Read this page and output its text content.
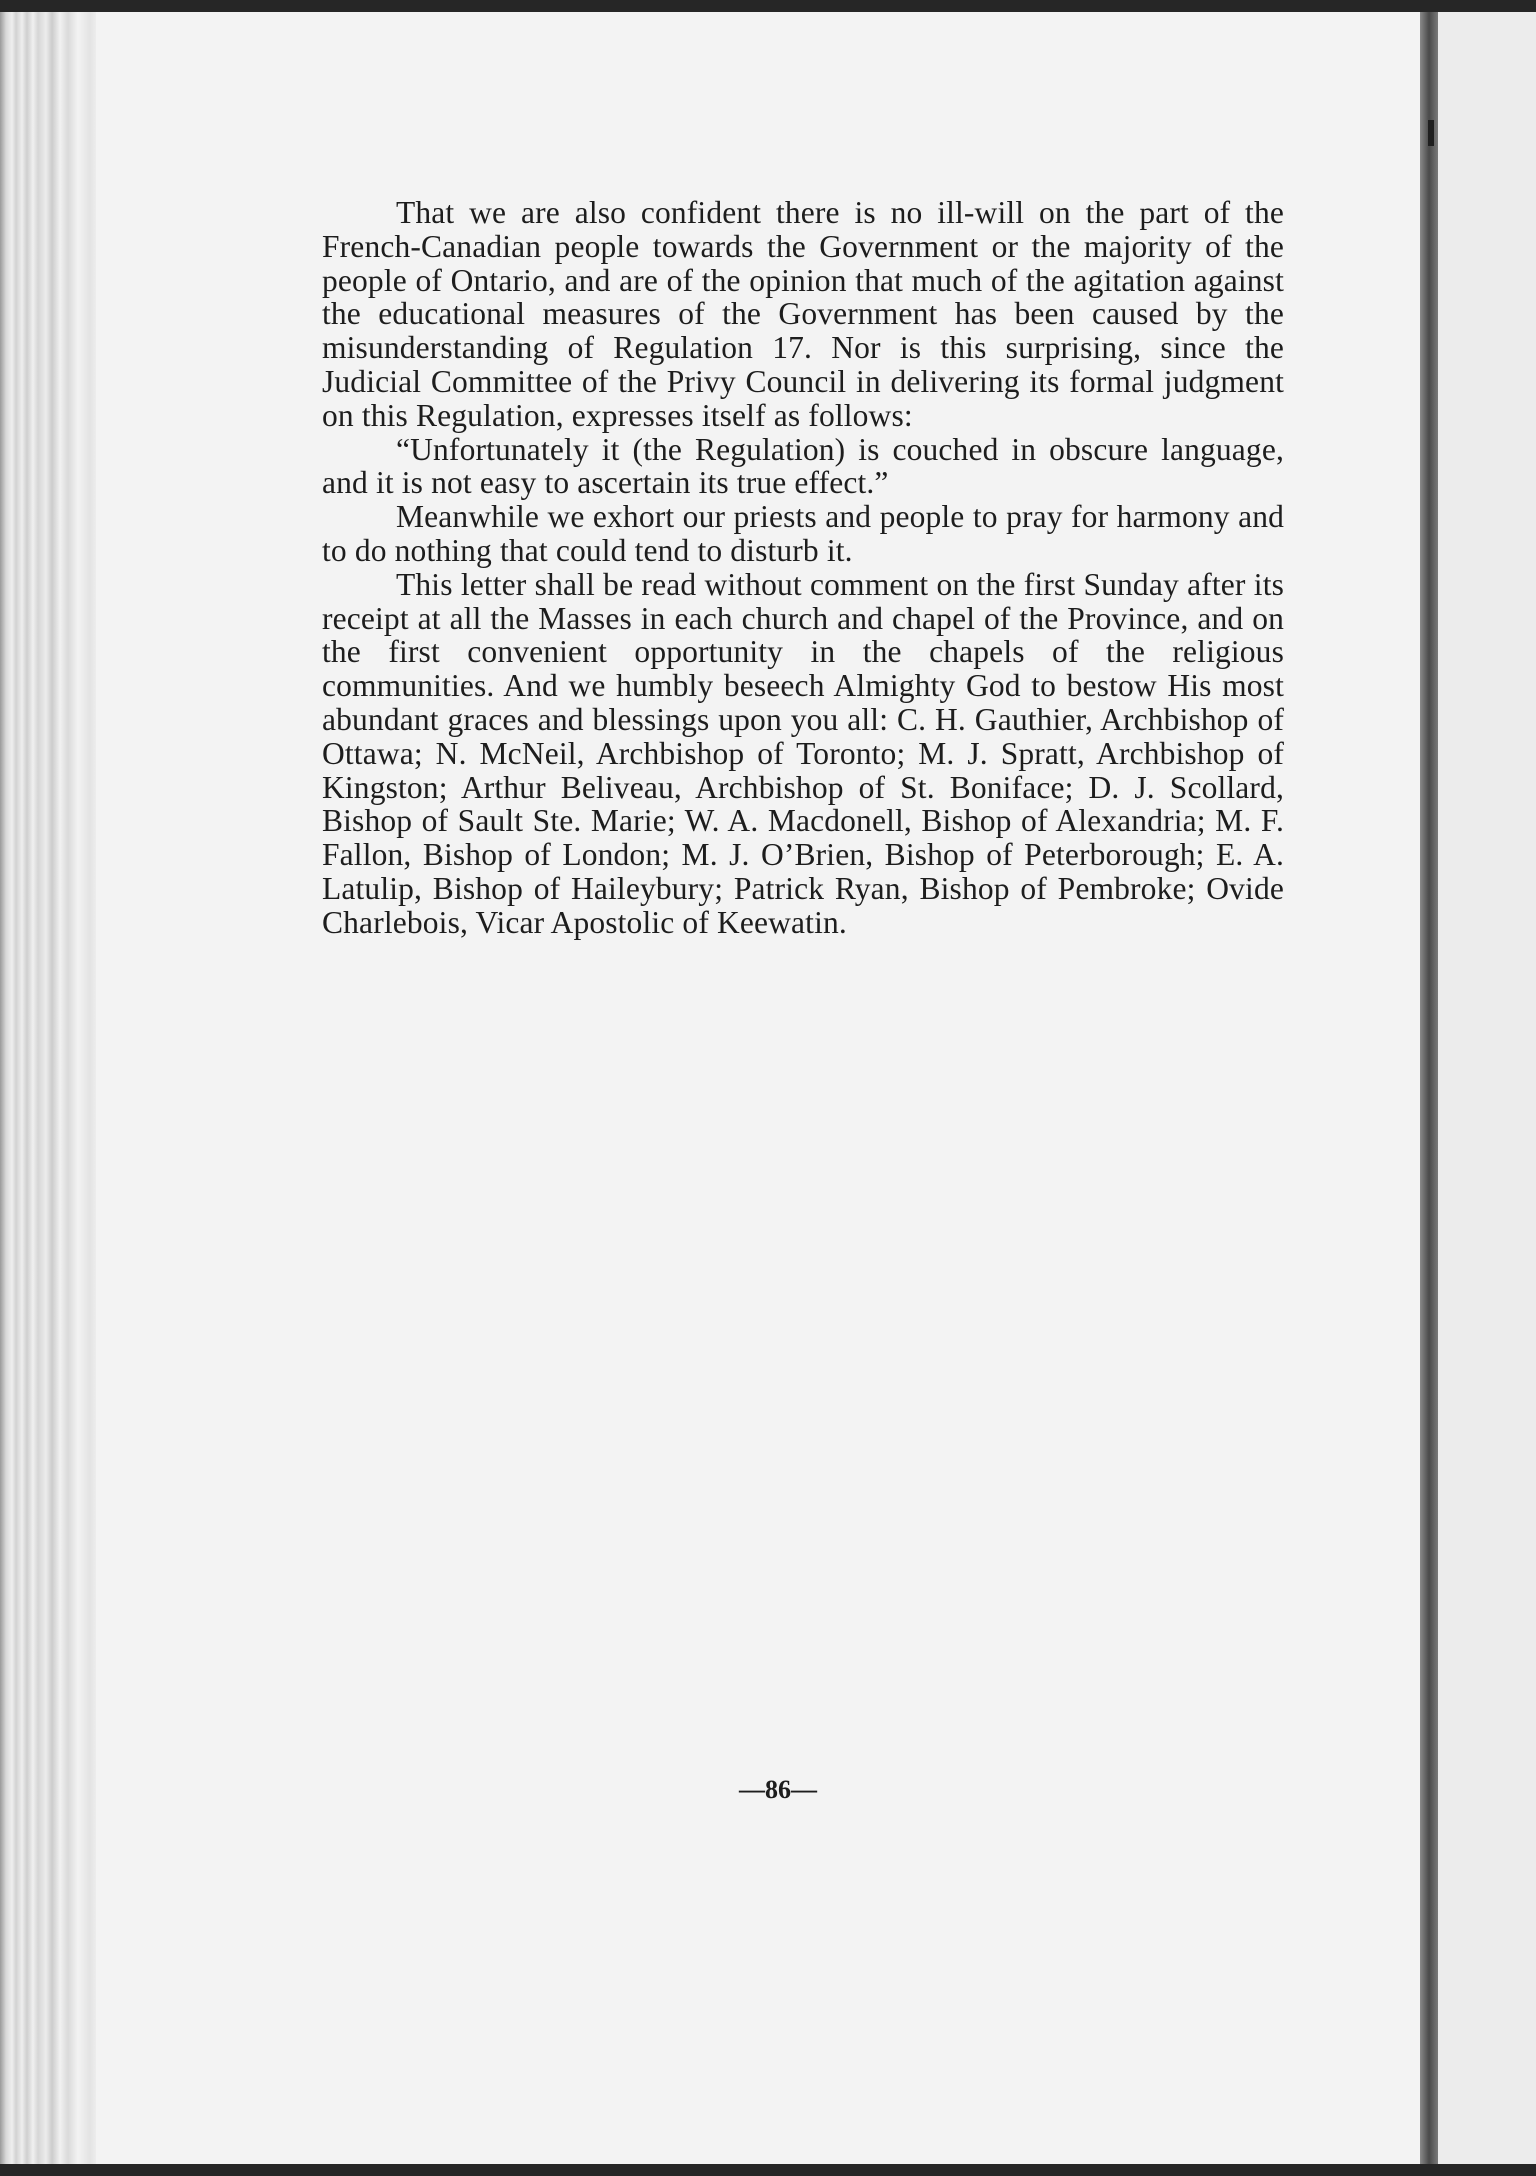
That we are also confident there is no ill-will on the part of the French-Canadian people towards the Government or the majority of the people of Ontario, and are of the opinion that much of the agitation against the educational measures of the Government has been caused by the misunderstanding of Regulation 17. Nor is this surprising, since the Judicial Committee of the Privy Council in delivering its formal judgment on this Regulation, expresses itself as follows:

“Unfortunately it (the Regulation) is couched in obscure language, and it is not easy to ascertain its true effect.”

Meanwhile we exhort our priests and people to pray for harmony and to do nothing that could tend to disturb it.

This letter shall be read without comment on the first Sunday after its receipt at all the Masses in each church and chapel of the Province, and on the first convenient opportunity in the chapels of the religious communities. And we humbly beseech Almighty God to bestow His most abundant graces and blessings upon you all: C. H. Gauthier, Archbishop of Ottawa; N. McNeil, Archbishop of Toronto; M. J. Spratt, Archbishop of Kingston; Arthur Beliveau, Archbishop of St. Boniface; D. J. Scollard, Bishop of Sault Ste. Marie; W. A. Macdonell, Bishop of Alexandria; M. F. Fallon, Bishop of London; M. J. O’Brien, Bishop of Peterborough; E. A. Latulip, Bishop of Haileybury; Patrick Ryan, Bishop of Pembroke; Ovide Charlebois, Vicar Apostolic of Keewatin.

—86—
